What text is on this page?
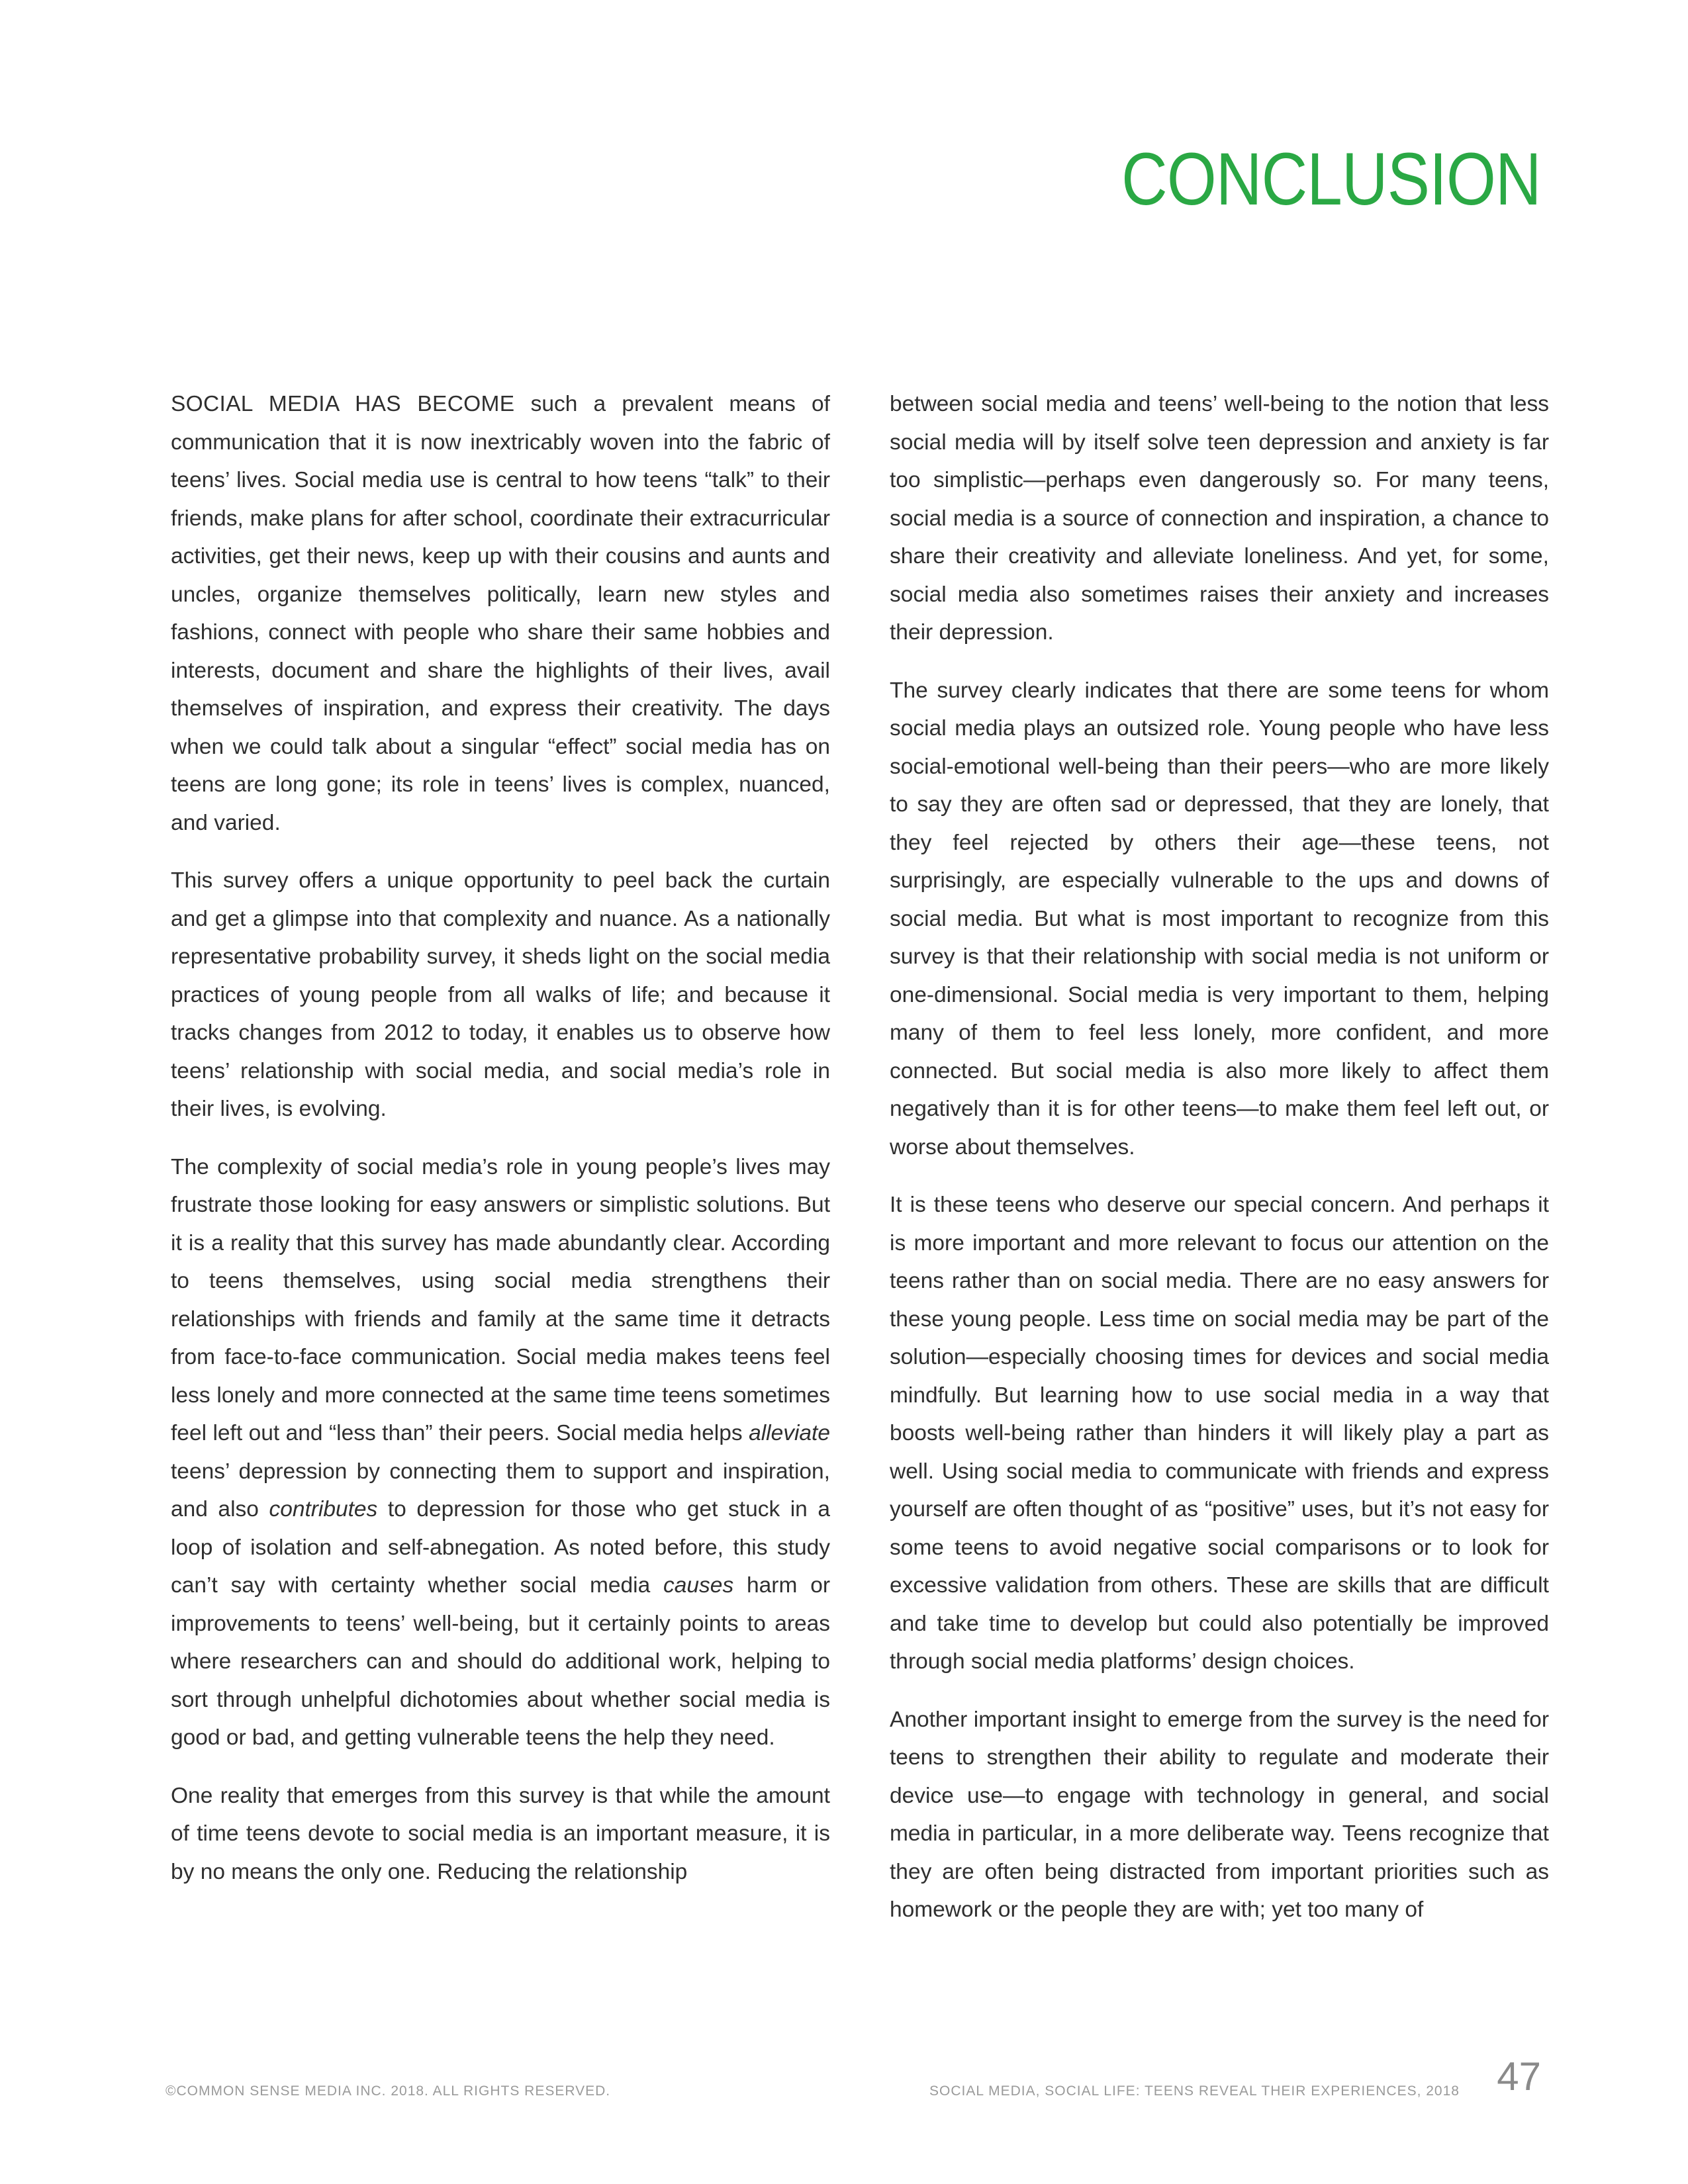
CONCLUSION

SOCIAL MEDIA HAS BECOME such a prevalent means of communication that it is now inextricably woven into the fabric of teens’ lives. Social media use is central to how teens “talk” to their friends, make plans for after school, coordinate their extracurricular activities, get their news, keep up with their cousins and aunts and uncles, organize themselves politically, learn new styles and fashions, connect with people who share their same hobbies and interests, document and share the highlights of their lives, avail themselves of inspiration, and express their creativity. The days when we could talk about a singular “effect” social media has on teens are long gone; its role in teens’ lives is complex, nuanced, and varied.

This survey offers a unique opportunity to peel back the curtain and get a glimpse into that complexity and nuance. As a nationally representative probability survey, it sheds light on the social media practices of young people from all walks of life; and because it tracks changes from 2012 to today, it enables us to observe how teens’ relationship with social media, and social media’s role in their lives, is evolving.

The complexity of social media’s role in young people’s lives may frustrate those looking for easy answers or simplistic solutions. But it is a reality that this survey has made abundantly clear. According to teens themselves, using social media strengthens their relationships with friends and family at the same time it detracts from face-to-face communication. Social media makes teens feel less lonely and more connected at the same time teens sometimes feel left out and “less than” their peers. Social media helps alleviate teens’ depression by connecting them to support and inspiration, and also contributes to depression for those who get stuck in a loop of isolation and self-abnegation. As noted before, this study can’t say with certainty whether social media causes harm or improvements to teens’ well-being, but it certainly points to areas where researchers can and should do additional work, helping to sort through unhelpful dichotomies about whether social media is good or bad, and getting vulnerable teens the help they need.

One reality that emerges from this survey is that while the amount of time teens devote to social media is an important measure, it is by no means the only one. Reducing the relationship

between social media and teens’ well-being to the notion that less social media will by itself solve teen depression and anxiety is far too simplistic—perhaps even dangerously so. For many teens, social media is a source of connection and inspiration, a chance to share their creativity and alleviate loneliness. And yet, for some, social media also sometimes raises their anxiety and increases their depression.

The survey clearly indicates that there are some teens for whom social media plays an outsized role. Young people who have less social-emotional well-being than their peers—who are more likely to say they are often sad or depressed, that they are lonely, that they feel rejected by others their age—these teens, not surprisingly, are especially vulnerable to the ups and downs of social media. But what is most important to recognize from this survey is that their relationship with social media is not uniform or one-dimensional. Social media is very important to them, helping many of them to feel less lonely, more confident, and more connected. But social media is also more likely to affect them negatively than it is for other teens—to make them feel left out, or worse about themselves.

It is these teens who deserve our special concern. And perhaps it is more important and more relevant to focus our attention on the teens rather than on social media. There are no easy answers for these young people. Less time on social media may be part of the solution—especially choosing times for devices and social media mindfully. But learning how to use social media in a way that boosts well-being rather than hinders it will likely play a part as well. Using social media to communicate with friends and express yourself are often thought of as “positive” uses, but it’s not easy for some teens to avoid negative social comparisons or to look for excessive validation from others. These are skills that are difficult and take time to develop but could also potentially be improved through social media platforms’ design choices.

Another important insight to emerge from the survey is the need for teens to strengthen their ability to regulate and moderate their device use—to engage with technology in general, and social media in particular, in a more deliberate way. Teens recognize that they are often being distracted from important priorities such as homework or the people they are with; yet too many of

©COMMON SENSE MEDIA INC. 2018. ALL RIGHTS RESERVED.	SOCIAL MEDIA, SOCIAL LIFE: TEENS REVEAL THEIR EXPERIENCES, 2018 47
